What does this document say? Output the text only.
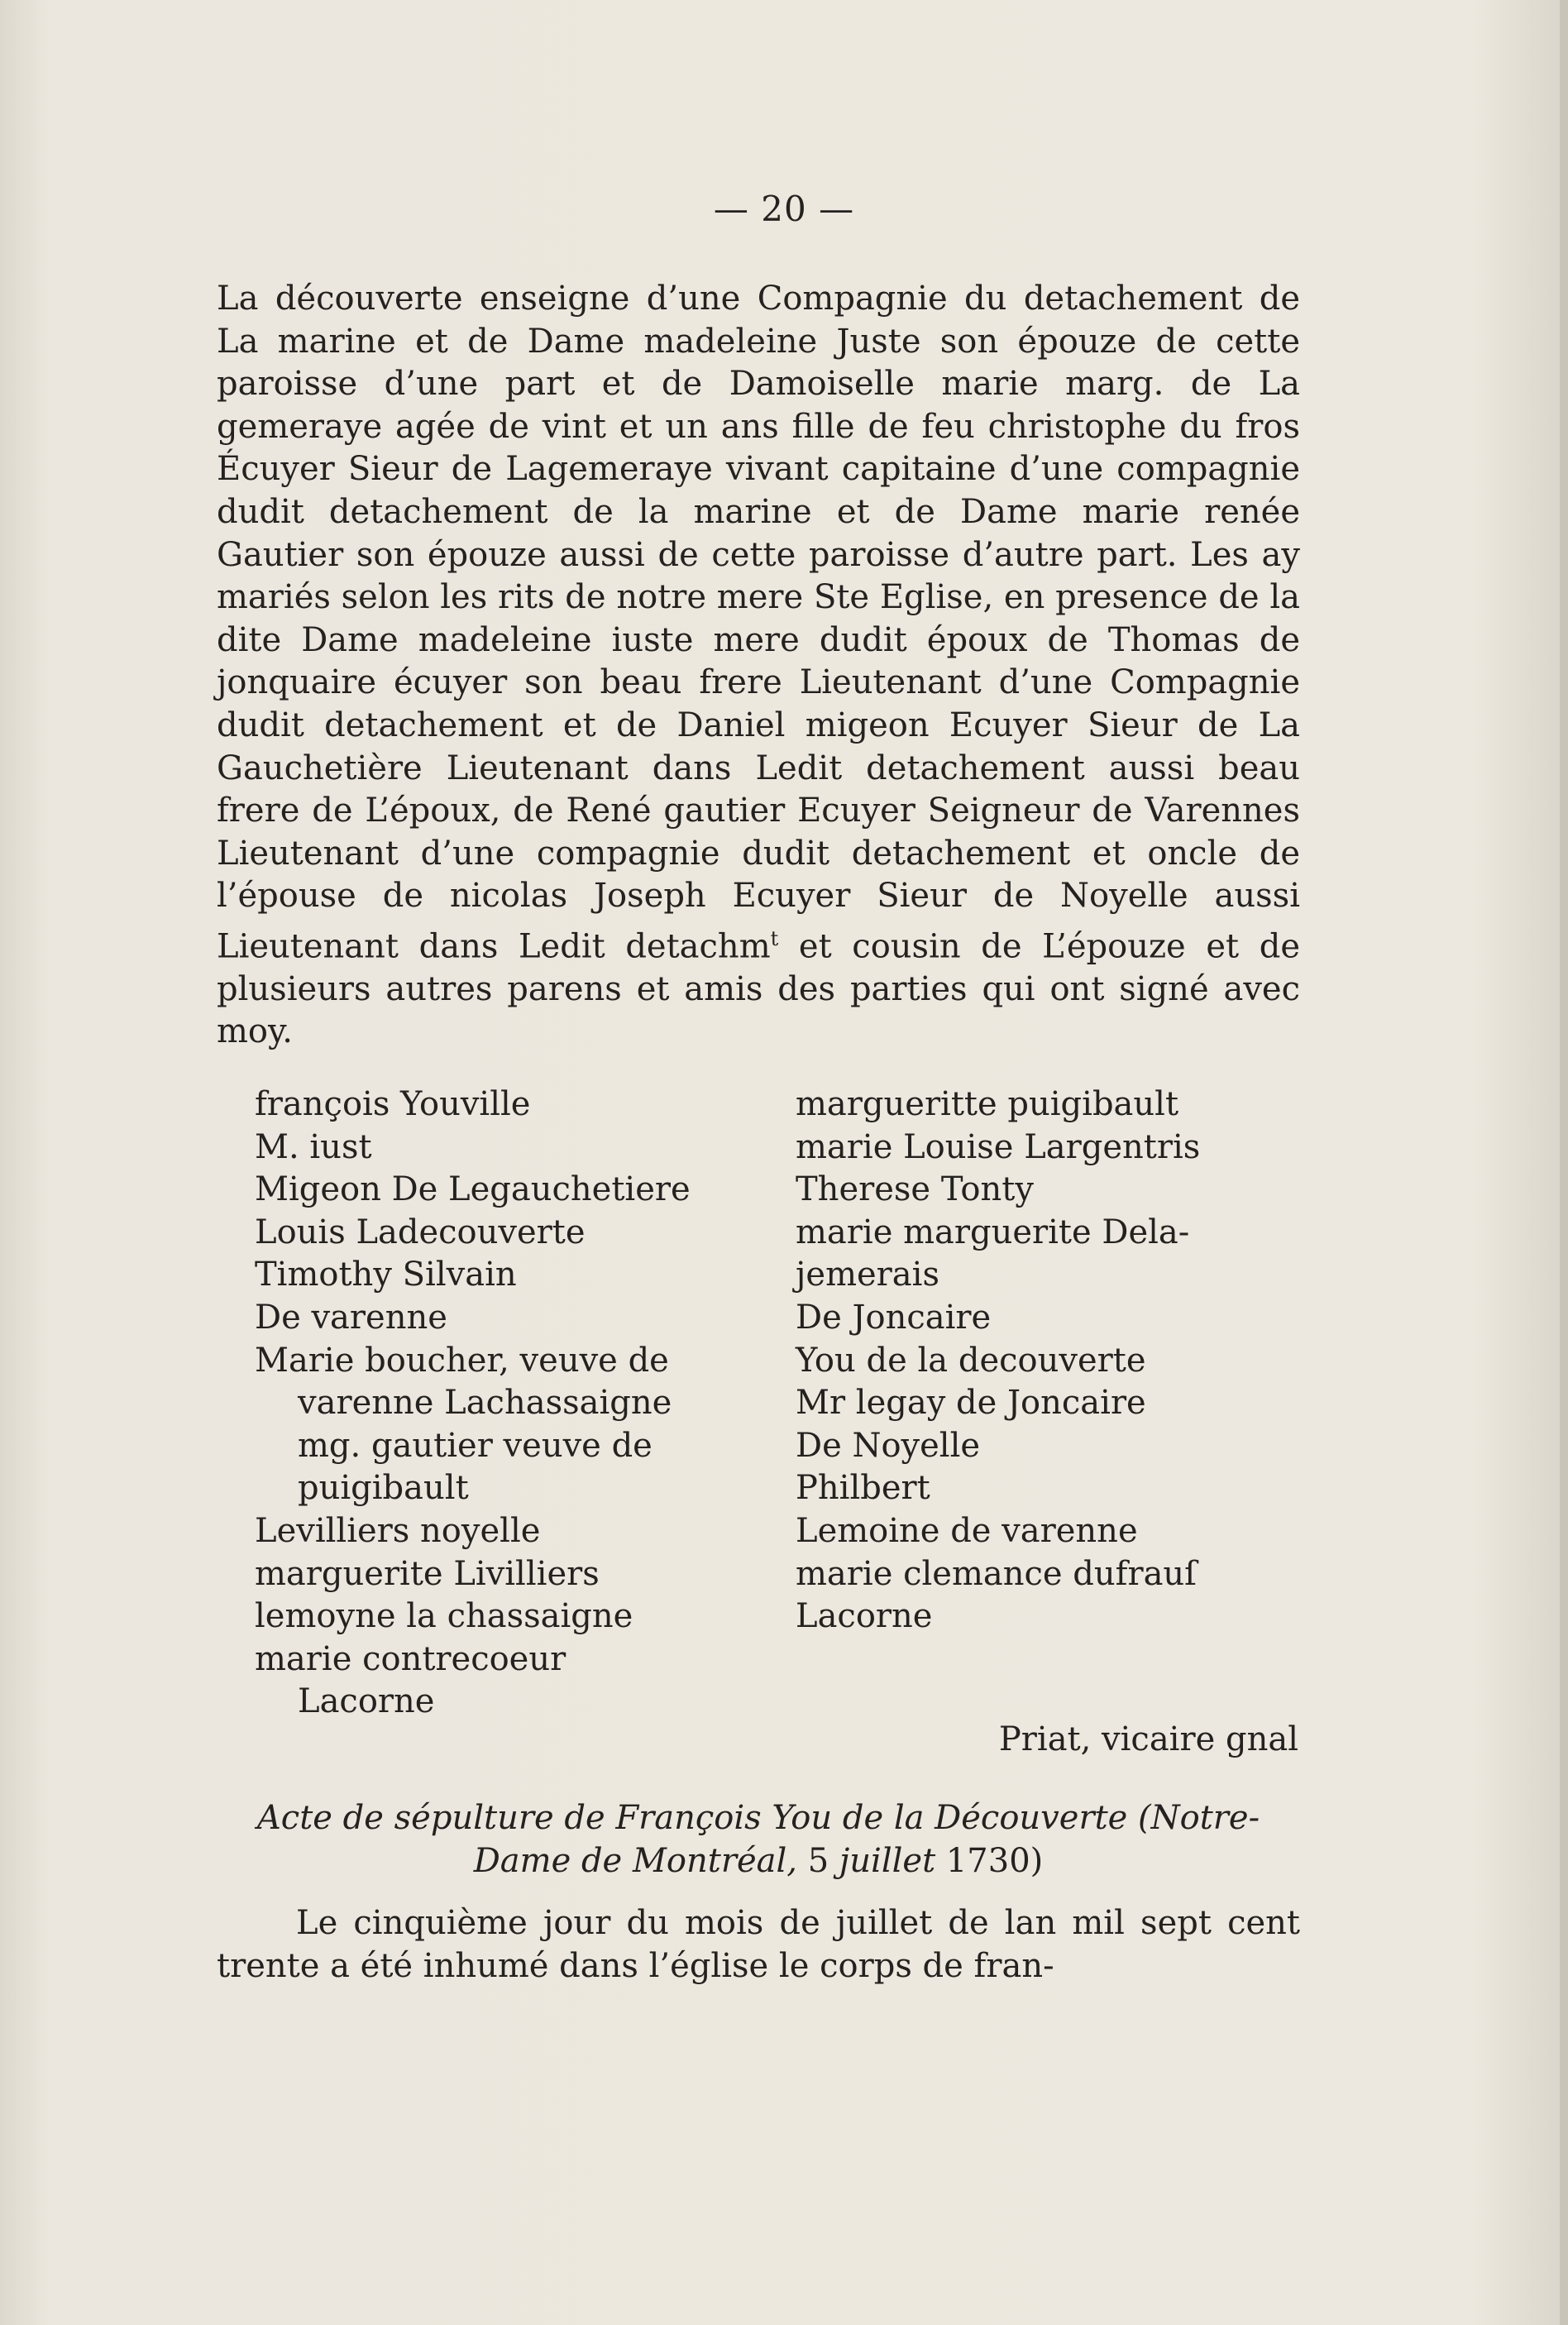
— 20 —
La découverte enseigne d’une Compagnie du detachement de La marine et de Dame madeleine Juste son épouze de cette paroisse d’une part et de Damoiselle marie marg. de La gemeraye agée de vint et un ans fille de feu christophe du fros Écuyer Sieur de Lagemeraye vivant capitaine d’une compagnie dudit detachement de la marine et de Dame marie renée Gautier son épouze aussi de cette paroisse d’autre part. Les ay mariés selon les rits de notre mere Ste Eglise, en presence de la dite Dame madeleine iuste mere dudit époux de Thomas de jonquaire écuyer son beau frere Lieutenant d’une Compagnie dudit detachement et de Daniel migeon Ecuyer Sieur de La Gauchetière Lieutenant dans Ledit detachement aussi beau frere de L’époux, de René gautier Ecuyer Seigneur de Varennes Lieutenant d’une compagnie dudit detachement et oncle de l’épouse de nicolas Joseph Ecuyer Sieur de Noyelle aussi Lieutenant dans Ledit detachm$^t$ et cousin de L’épouze et de plusieurs autres parens et amis des parties qui ont signé avec moy.
françois Youville
M. iust
Migeon De Legauchetiere
Louis Ladecouverte
Timothy Silvain
De varenne
Marie boucher, veuve de
varenne Lachassaigne
mg. gautier veuve de
puigibault
Levilliers noyelle
marguerite Livilliers
lemoyne la chassaigne
marie contrecoeur
Lacorne
margueritte puigibault
marie Louise Largentris
Therese Tonty
marie marguerite Dela-
jemerais
De Joncaire
You de la decouverte
Mr legay de Joncaire
De Noyelle
Philbert
Lemoine de varenne
marie clemance dufrauſ
Lacorne
Priat, vicaire gnal
Acte de sépulture de François You de la Découverte (Notre-
Dame de Montréal, 5 juillet 1730)
Le cinquième jour du mois de juillet de lan mil sept cent trente a été inhumé dans l’église le corps de fran-
